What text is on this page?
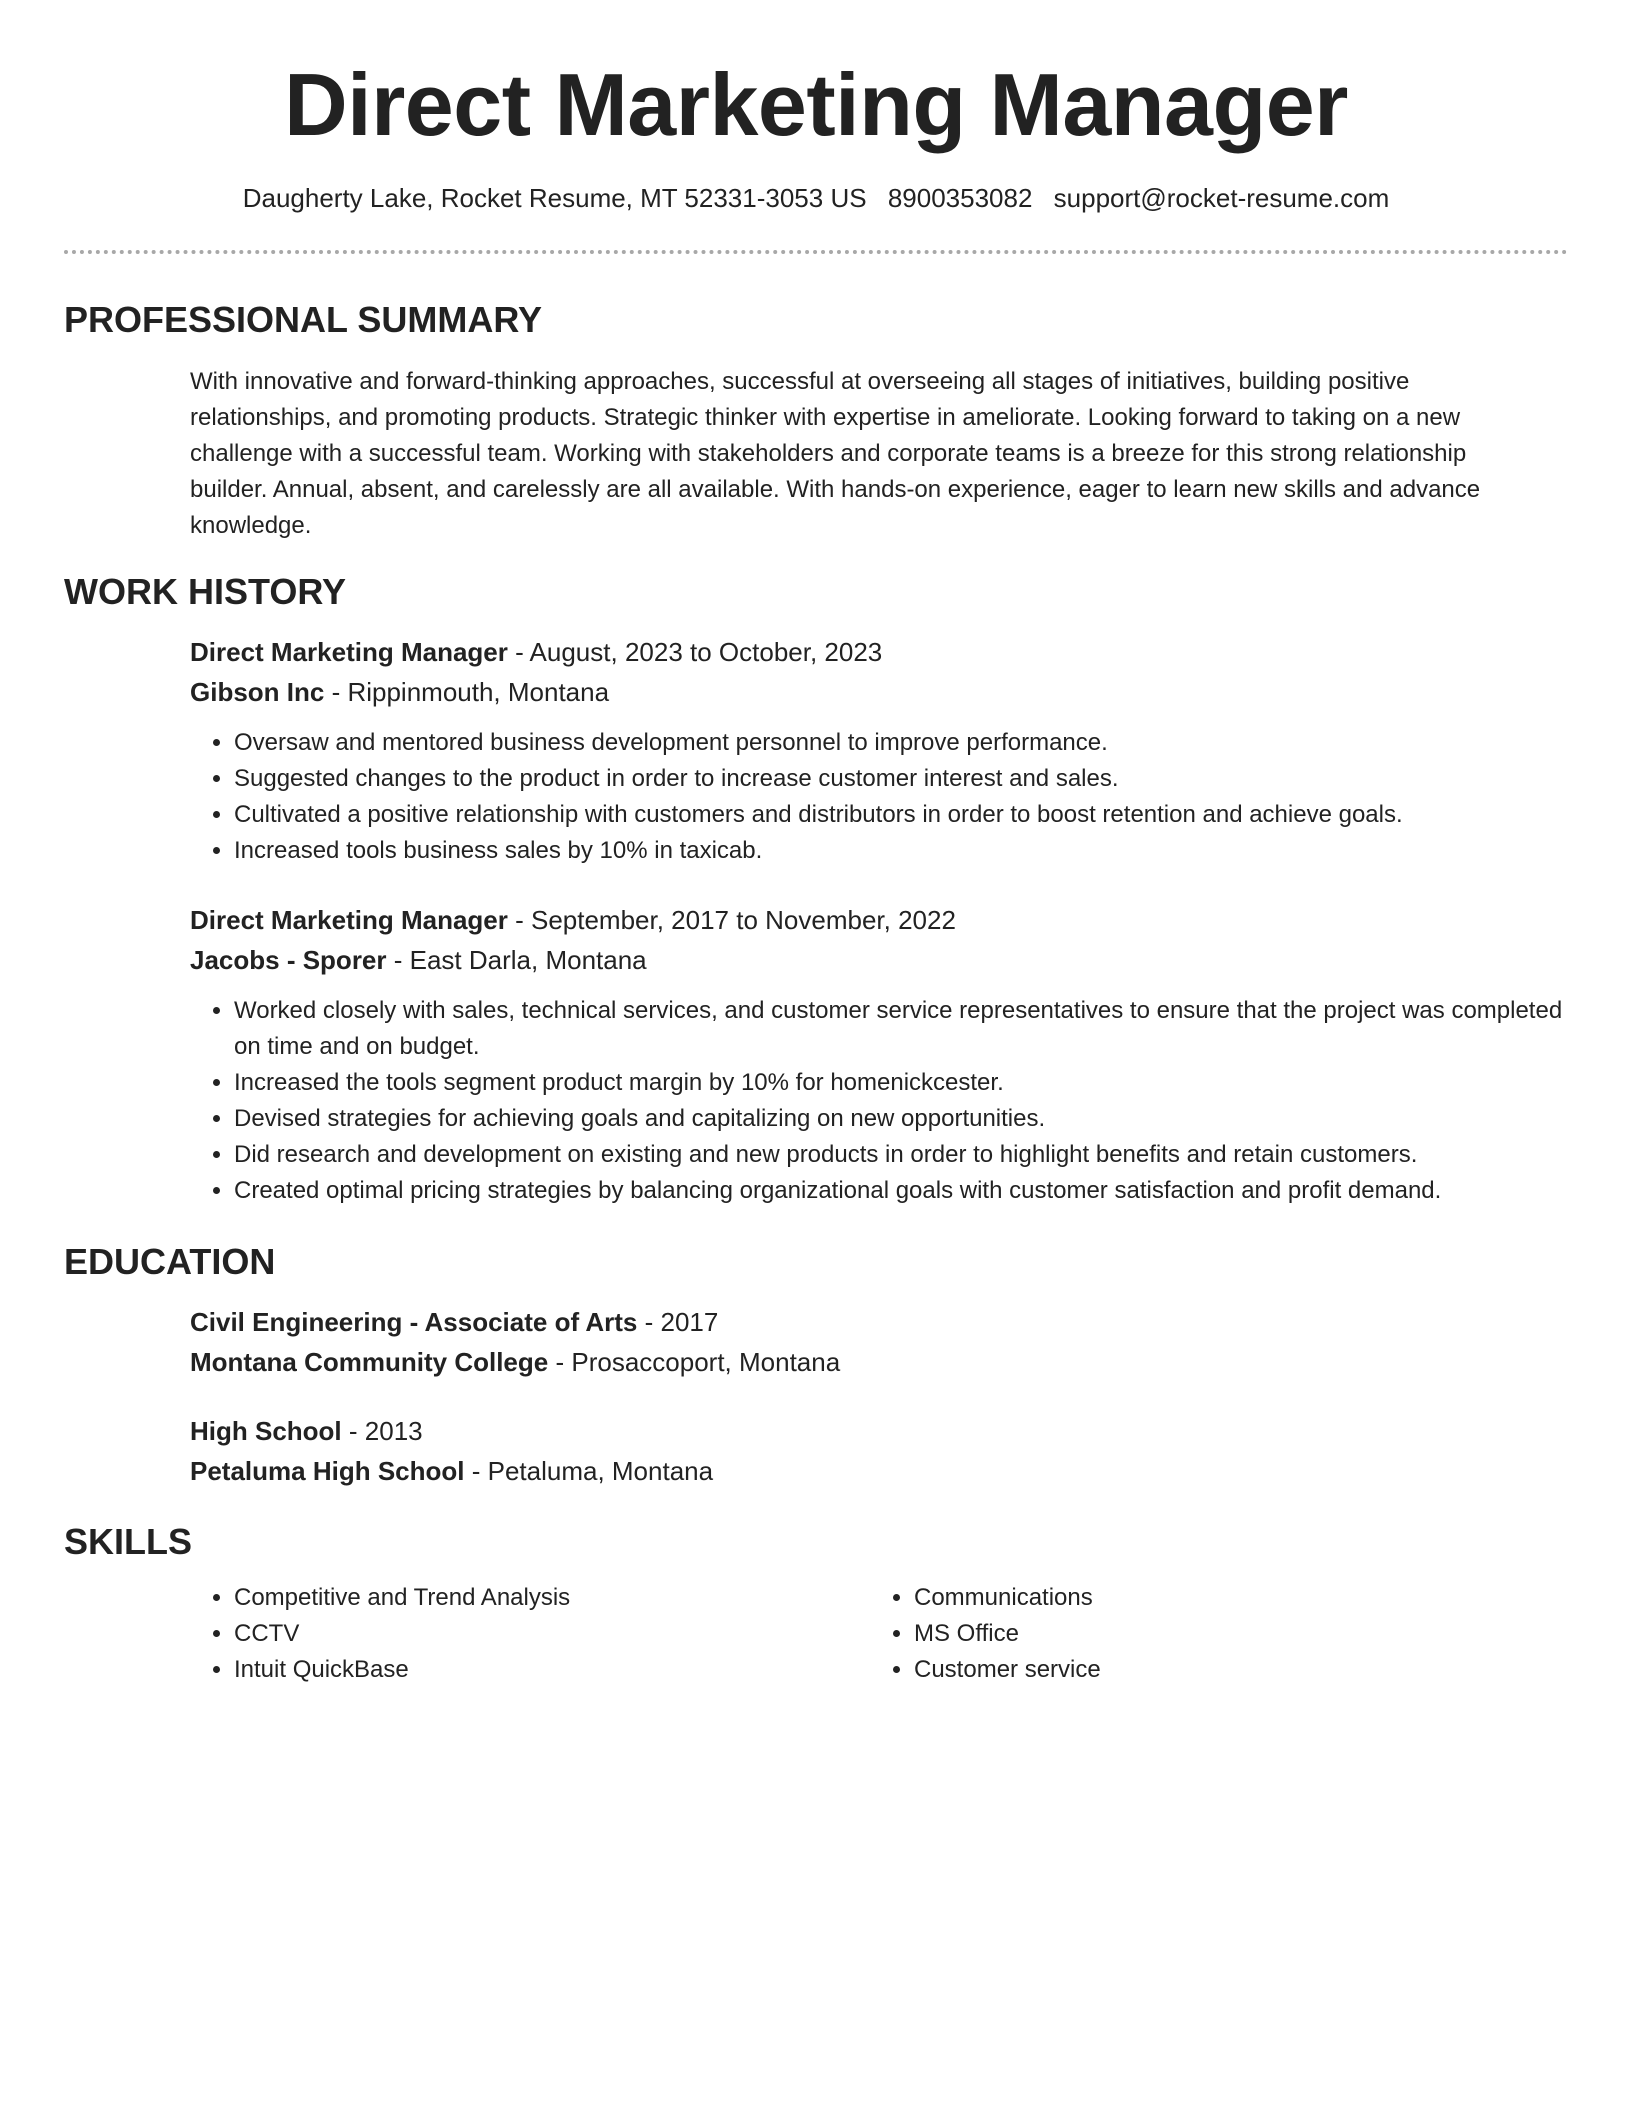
Direct Marketing Manager
Daugherty Lake, Rocket Resume, MT 52331-3053 US 8900353082 support@rocket-resume.com
PROFESSIONAL SUMMARY

With innovative and forward-thinking approaches, successful at overseeing all stages of initiatives, building positive relationships, and promoting products. Strategic thinker with expertise in ameliorate. Looking forward to taking on a new challenge with a successful team. Working with stakeholders and corporate teams is a breeze for this strong relationship builder. Annual, absent, and carelessly are all available. With hands-on experience, eager to learn new skills and advance knowledge.

WORK HISTORY

Direct Marketing Manager - August, 2023 to October, 2023

Gibson Inc - Rippinmouth, Montana

• Oversaw and mentored business development personnel to improve performance.
• Suggested changes to the product in order to increase customer interest and sales.
• Cultivated a positive relationship with customers and distributors in order to boost retention and achieve goals.
• Increased tools business sales by 10% in taxicab.

Direct Marketing Manager - September, 2017 to November, 2022

Jacobs - Sporer - East Darla, Montana

• Worked closely with sales, technical services, and customer service representatives to ensure that the project was completed on time and on budget.
• Increased the tools segment product margin by 10% for homenickcester.
• Devised strategies for achieving goals and capitalizing on new opportunities.
• Did research and development on existing and new products in order to highlight benefits and retain customers.
• Created optimal pricing strategies by balancing organizational goals with customer satisfaction and profit demand.
EDUCATION

Civil Engineering - Associate of Arts - 2017

Montana Community College - Prosaccoport, Montana

High School - 2013

Petaluma High School - Petaluma, Montana

SKILLS
• Competitive and Trend Analysis
• CCTV
• Intuit QuickBase
• Communications
• MS Office
• Customer service
